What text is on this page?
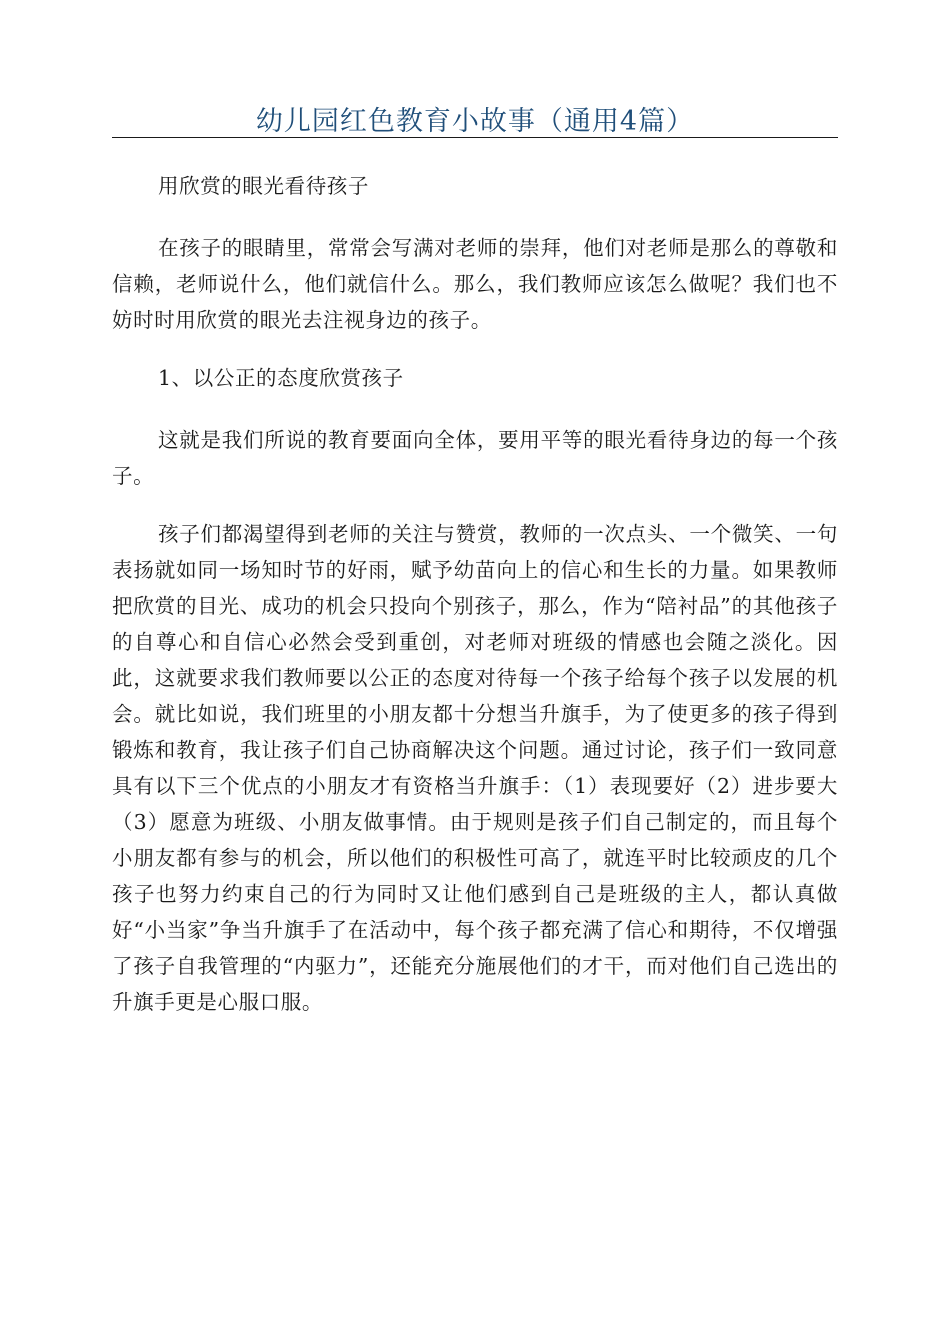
幼儿园红色教育小故事（通用4篇）

用欣赏的眼光看待孩子

在孩子的眼睛里，常常会写满对老师的崇拜，他们对老师是那么的尊敬和信赖，老师说什么，他们就信什么。那么，我们教师应该怎么做呢？我们也不妨时时用欣赏的眼光去注视身边的孩子。

1、以公正的态度欣赏孩子

这就是我们所说的教育要面向全体，要用平等的眼光看待身边的每一个孩子。

孩子们都渴望得到老师的关注与赞赏，教师的一次点头、一个微笑、一句表扬就如同一场知时节的好雨，赋予幼苗向上的信心和生长的力量。如果教师把欣赏的目光、成功的机会只投向个别孩子，那么，作为“陪衬品”的其他孩子的自尊心和自信心必然会受到重创，对老师对班级的情感也会随之淡化。因此，这就要求我们教师要以公正的态度对待每一个孩子给每个孩子以发展的机会。就比如说，我们班里的小朋友都十分想当升旗手，为了使更多的孩子得到锻炼和教育，我让孩子们自己协商解决这个问题。通过讨论，孩子们一致同意具有以下三个优点的小朋友才有资格当升旗手：（1）表现要好（2）进步要大（3）愿意为班级、小朋友做事情。由于规则是孩子们自己制定的，而且每个小朋友都有参与的机会，所以他们的积极性可高了，就连平时比较顽皮的几个孩子也努力约束自己的行为同时又让他们感到自己是班级的主人，都认真做好“小当家”争当升旗手了在活动中，每个孩子都充满了信心和期待，不仅增强了孩子自我管理的“内驱力”，还能充分施展他们的才干，而对他们自己选出的升旗手更是心服口服。
